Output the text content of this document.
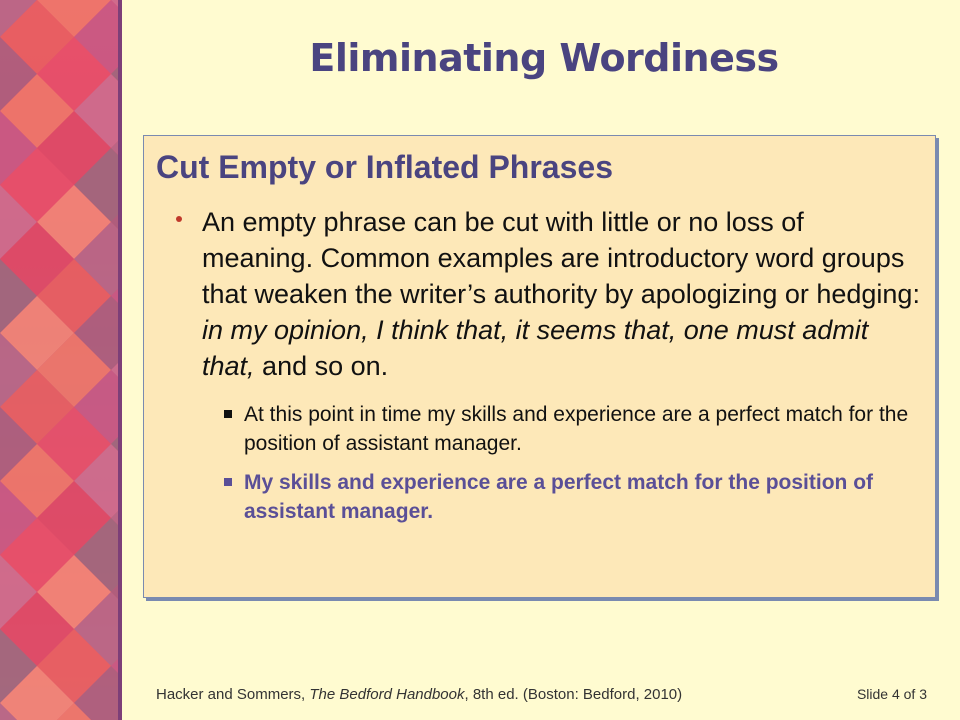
Eliminating Wordiness
Cut Empty or Inflated Phrases
An empty phrase can be cut with little or no loss of meaning. Common examples are introductory word groups that weaken the writer’s authority by apologizing or hedging: in my opinion, I think that, it seems that, one must admit that, and so on.
At this point in time my skills and experience are a perfect match for the position of assistant manager.
My skills and experience are a perfect match for the position of assistant manager.
Hacker and Sommers, The Bedford Handbook, 8th ed. (Boston: Bedford, 2010)	Slide 4 of 3
